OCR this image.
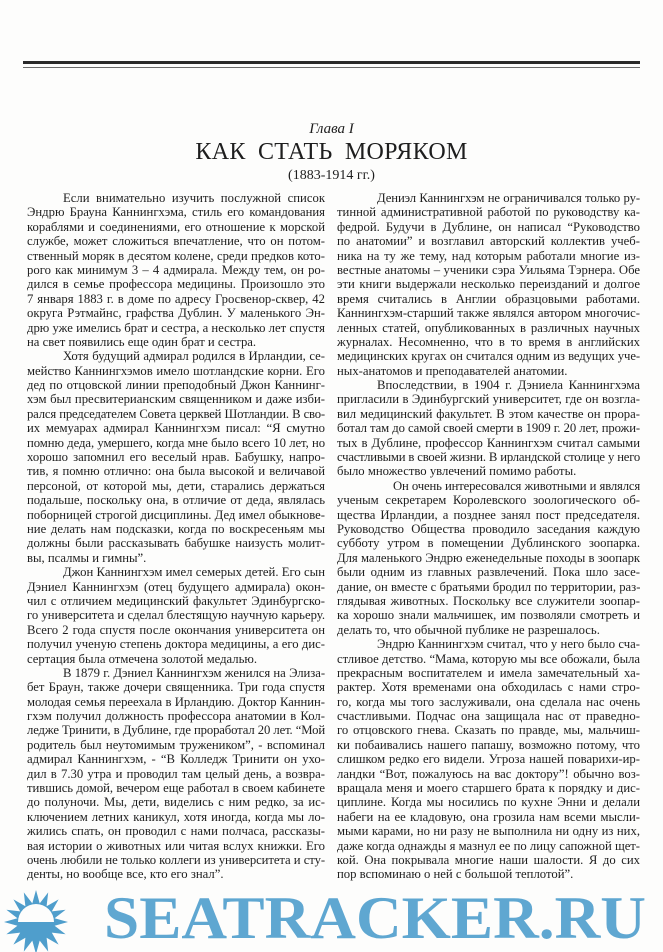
Глава I
КАК СТАТЬ МОРЯКОМ
(1883-1914 гг.)
Если внимательно изучить послужной список
Эндрю Брауна Каннингхэма, стиль его командования
кораблями и соединениями, его отношение к морской
службе, может сложиться впечатление, что он потом-
ственный моряк в десятом колене, среди предков кото-
рого как минимум 3 – 4 адмирала. Между тем, он ро-
дился в семье профессора медицины. Произошло это
7 января 1883 г. в доме по адресу Гросвенор-сквер, 42
округа Рэтмайнс, графства Дублин. У маленького Эн-
дрю уже имелись брат и сестра, а несколько лет спустя
на свет появились еще один брат и сестра.
Хотя будущий адмирал родился в Ирландии, се-
мейство Каннингхэмов имело шотландские корни. Его
дед по отцовской линии преподобный Джон Каннинг-
хэм был пресвитерианским священником и даже изби-
рался председателем Совета церквей Шотландии. В сво-
их мемуарах адмирал Каннингхэм писал: “Я смутно
помню деда, умершего, когда мне было всего 10 лет, но
хорошо запомнил его веселый нрав. Бабушку, напро-
тив, я помню отлично: она была высокой и величавой
персоной, от которой мы, дети, старались держаться
подальше, поскольку она, в отличие от деда, являлась
поборницей строгой дисциплины. Дед имел обыкнове-
ние делать нам подсказки, когда по воскресеньям мы
должны были рассказывать бабушке наизусть молит-
вы, псалмы и гимны”.
Джон Каннингхэм имел семерых детей. Его сын
Дэниел Каннингхэм (отец будущего адмирала) окон-
чил с отличием медицинский факультет Эдинбургско-
го университета и сделал блестящую научную карьеру.
Всего 2 года спустя после окончания университета он
получил ученую степень доктора медицины, а его дис-
сертация была отмечена золотой медалью.
В 1879 г. Дэниел Каннингхэм женился на Элиза-
бет Браун, также дочери священника. Три года спустя
молодая семья переехала в Ирландию. Доктор Каннин-
гхэм получил должность профессора анатомии в Кол-
ледже Тринити, в Дублине, где проработал 20 лет. “Мой
родитель был неутомимым тружеником”, - вспоминал
адмирал Каннингхэм, - “В Колледж Тринити он ухо-
дил в 7.30 утра и проводил там целый день, а возвра-
тившись домой, вечером еще работал в своем кабинете
до полуночи. Мы, дети, виделись с ним редко, за ис-
ключением летних каникул, хотя иногда, когда мы ло-
жились спать, он проводил с нами полчаса, рассказы-
вая истории о животных или читая вслух книжки. Его
очень любили не только коллеги из университета и сту-
денты, но вообще все, кто его знал”.
Дениэл Каннингхэм не ограничивался только ру-
тинной административной работой по руководству ка-
федрой. Будучи в Дублине, он написал “Руководство
по анатомии” и возглавил авторский коллектив учеб-
ника на ту же тему, над которым работали многие из-
вестные анатомы – ученики сэра Уильяма Тэрнера. Обе
эти книги выдержали несколько переизданий и долгое
время считались в Англии образцовыми работами.
Каннингхэм-старший также являлся автором многочис-
ленных статей, опубликованных в различных научных
журналах. Несомненно, что в то время в английских
медицинских кругах он считался одним из ведущих уче-
ных-анатомов и преподавателей анатомии.
Впоследствии, в 1904 г. Дэниела Каннингхэма
пригласили в Эдинбургский университет, где он возгла-
вил медицинский факультет. В этом качестве он прора-
ботал там до самой своей смерти в 1909 г. 20 лет, прожи-
тых в Дублине, профессор Каннингхэм считал самыми
счастливыми в своей жизни. В ирландской столице у него
было множество увлечений помимо работы.
Он очень интересовался животными и являлся
ученым секретарем Королевского зоологического об-
щества Ирландии, а позднее занял пост председателя.
Руководство Общества проводило заседания каждую
субботу утром в помещении Дублинского зоопарка.
Для маленького Эндрю еженедельные походы в зоопарк
были одним из главных развлечений. Пока шло засе-
дание, он вместе с братьями бродил по территории, раз-
глядывая животных. Поскольку все служители зоопар-
ка хорошо знали мальчишек, им позволяли смотреть и
делать то, что обычной публике не разрешалось.
Эндрю Каннингхэм считал, что у него было сча-
стливое детство. “Мама, которую мы все обожали, была
прекрасным воспитателем и имела замечательный ха-
рактер. Хотя временами она обходилась с нами стро-
го, когда мы того заслуживали, она сделала нас очень
счастливыми. Подчас она защищала нас от праведно-
го отцовского гнева. Сказать по правде, мы, мальчиш-
ки побаивались нашего папашу, возможно потому, что
слишком редко его видели. Угроза нашей поварихи-ир-
ландки “Вот, пожалуюсь на вас доктору”! обычно воз-
вращала меня и моего старшего брата к порядку и дис-
циплине. Когда мы носились по кухне Энни и делали
набеги на ее кладовую, она грозила нам всеми мысли-
мыми карами, но ни разу не выполнила ни одну из них,
даже когда однажды я мазнул ее по лицу сапожной щет-
кой. Она покрывала многие наши шалости. Я до сих
пор вспоминаю о ней с большой теплотой”.
SEATRACKER.RU
